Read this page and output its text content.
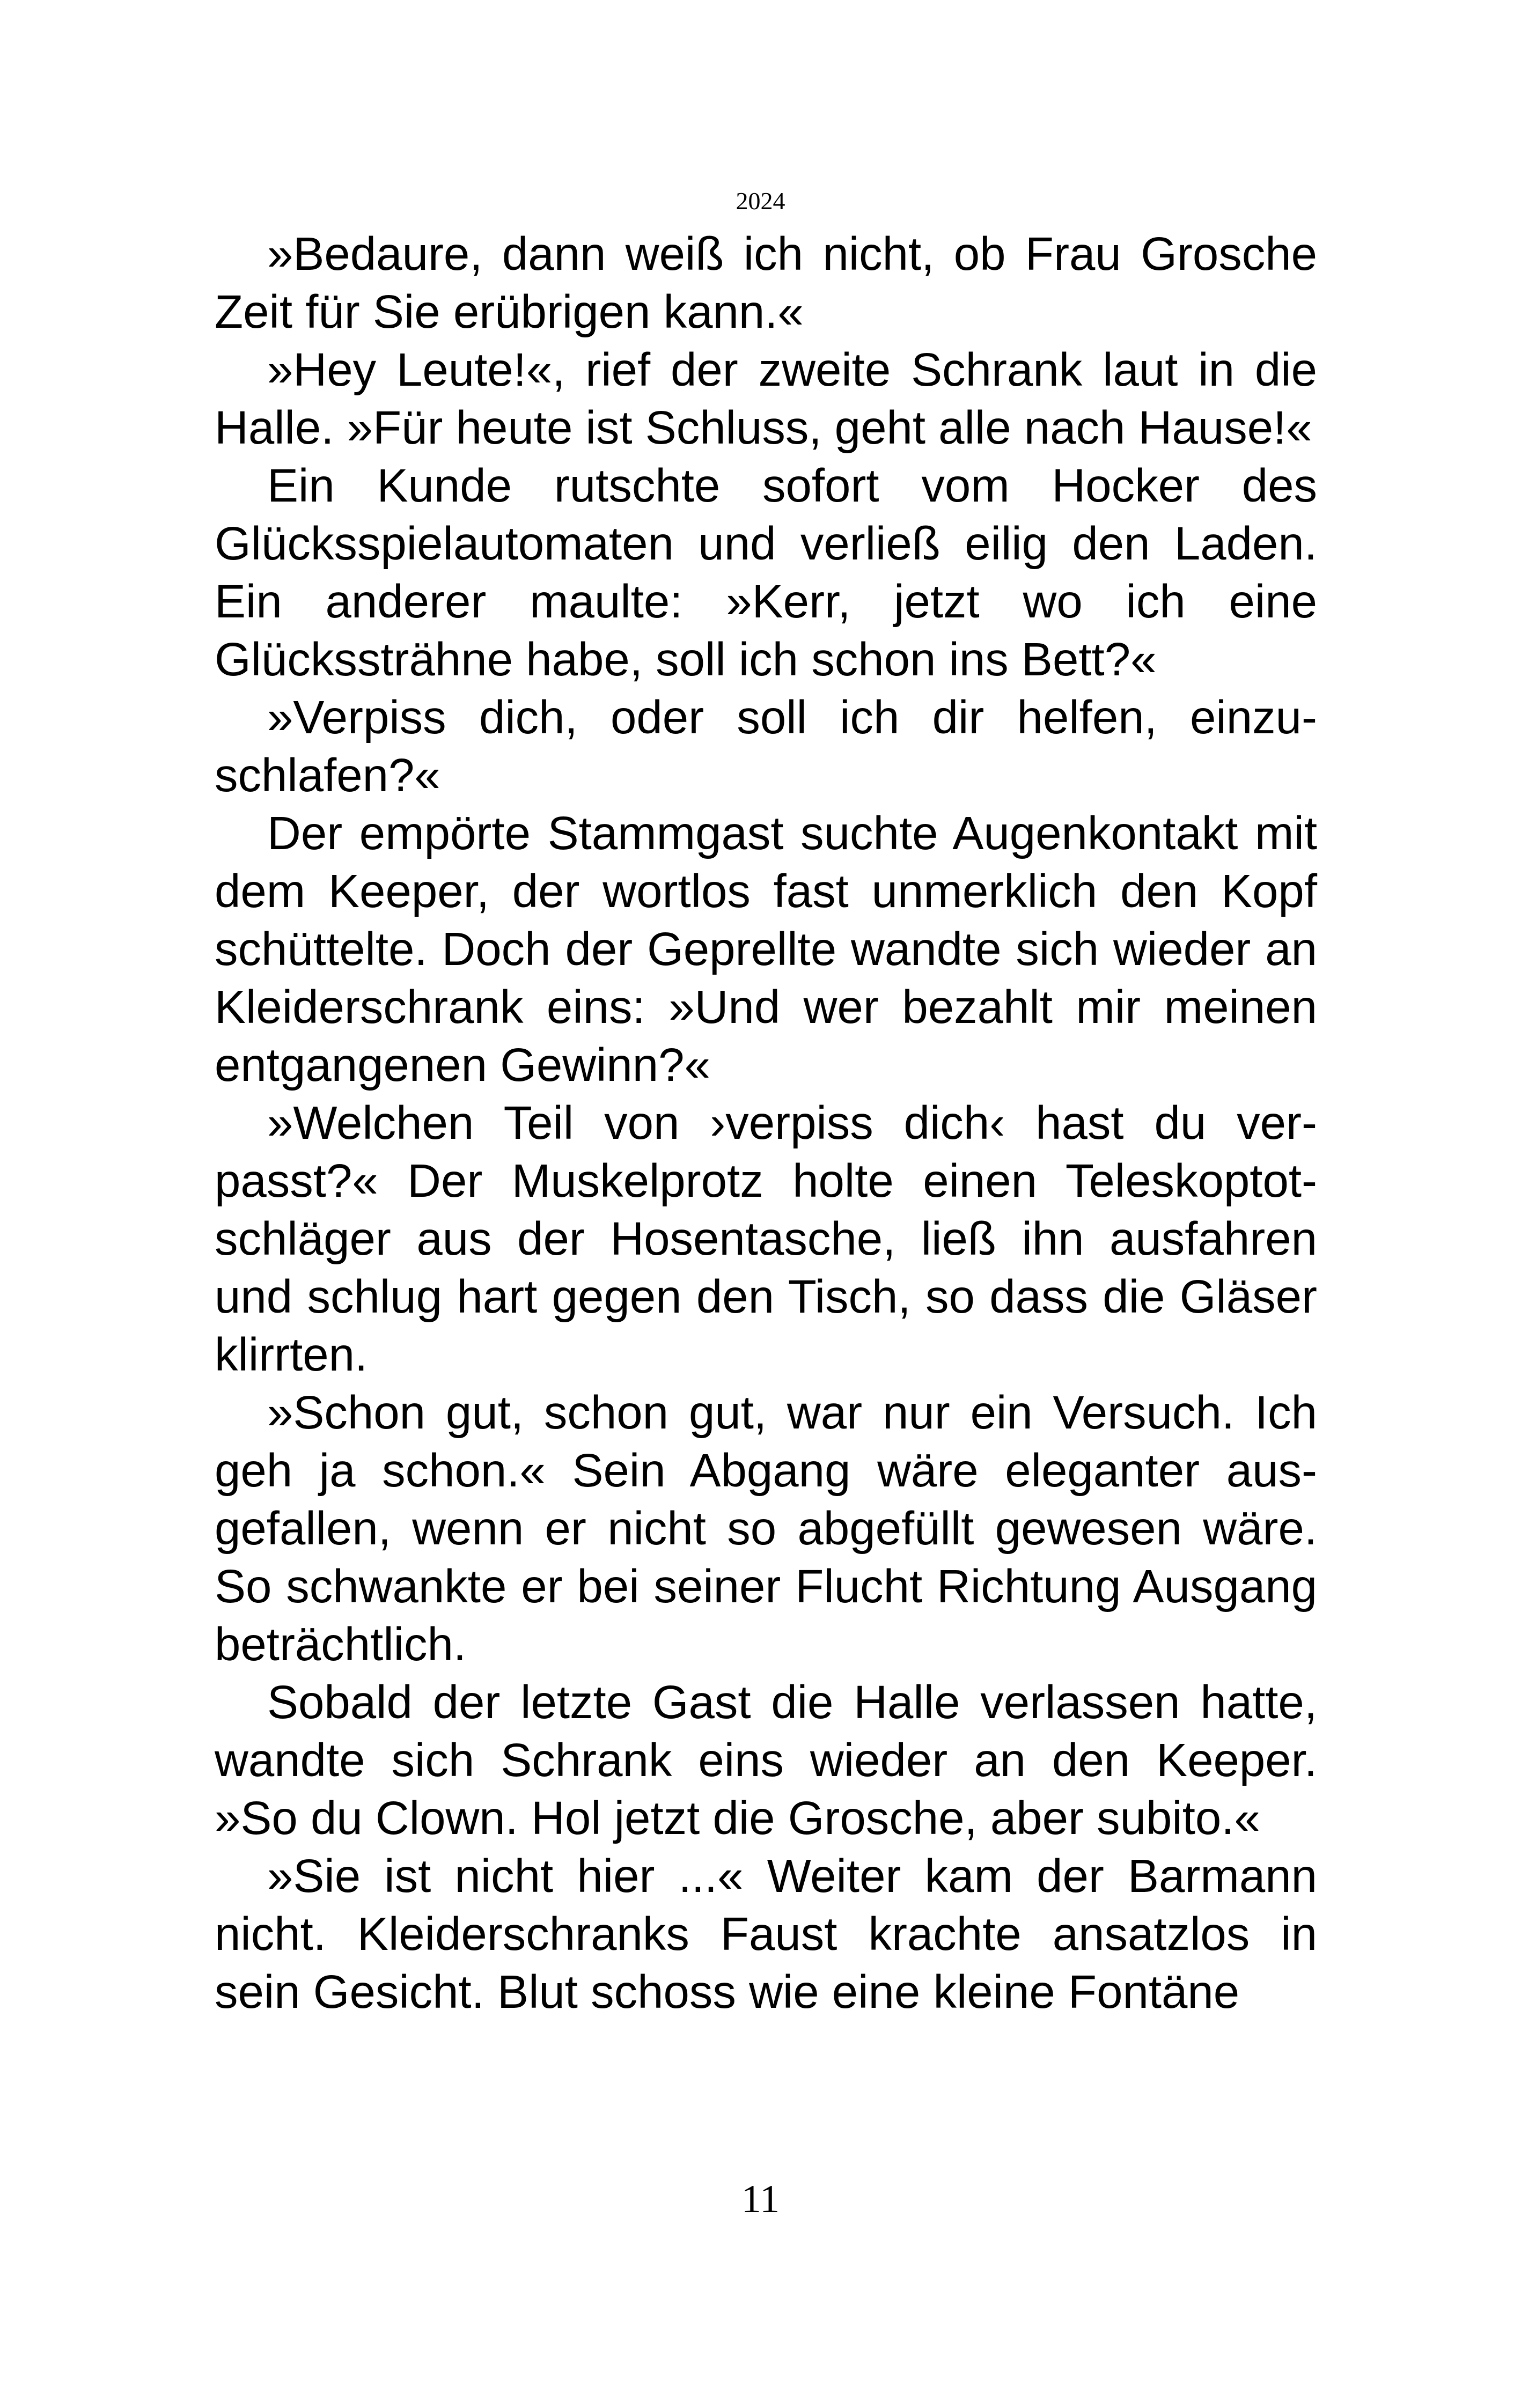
2024

»Bedaure, dann weiß ich nicht, ob Frau Grosche Zeit für Sie erübrigen kann.«

»Hey Leute!«, rief der zweite Schrank laut in die Halle. »Für heute ist Schluss, geht alle nach Hause!«

Ein Kunde rutschte sofort vom Hocker des Glücksspielautomaten und verließ eilig den Laden. Ein anderer maulte: »Kerr, jetzt wo ich eine Glückssträhne habe, soll ich schon ins Bett?«

»Verpiss dich, oder soll ich dir helfen, einzuschlafen?«

Der empörte Stammgast suchte Augenkontakt mit dem Keeper, der wortlos fast unmerklich den Kopf schüttelte. Doch der Geprellte wandte sich wieder an Kleiderschrank eins: »Und wer bezahlt mir meinen entgangenen Gewinn?«

»Welchen Teil von ›verpiss dich‹ hast du verpasst?« Der Muskelprotz holte einen Teleskoptotschläger aus der Hosentasche, ließ ihn ausfahren und schlug hart gegen den Tisch, so dass die Gläser klirrten.

»Schon gut, schon gut, war nur ein Versuch. Ich geh ja schon.« Sein Abgang wäre eleganter ausgefallen, wenn er nicht so abgefüllt gewesen wäre. So schwankte er bei seiner Flucht Richtung Ausgang beträchtlich.

Sobald der letzte Gast die Halle verlassen hatte, wandte sich Schrank eins wieder an den Keeper. »So du Clown. Hol jetzt die Grosche, aber subito.«

»Sie ist nicht hier ...« Weiter kam der Barmann nicht. Kleiderschranks Faust krachte ansatzlos in sein Gesicht. Blut schoss wie eine kleine Fontäne

11
